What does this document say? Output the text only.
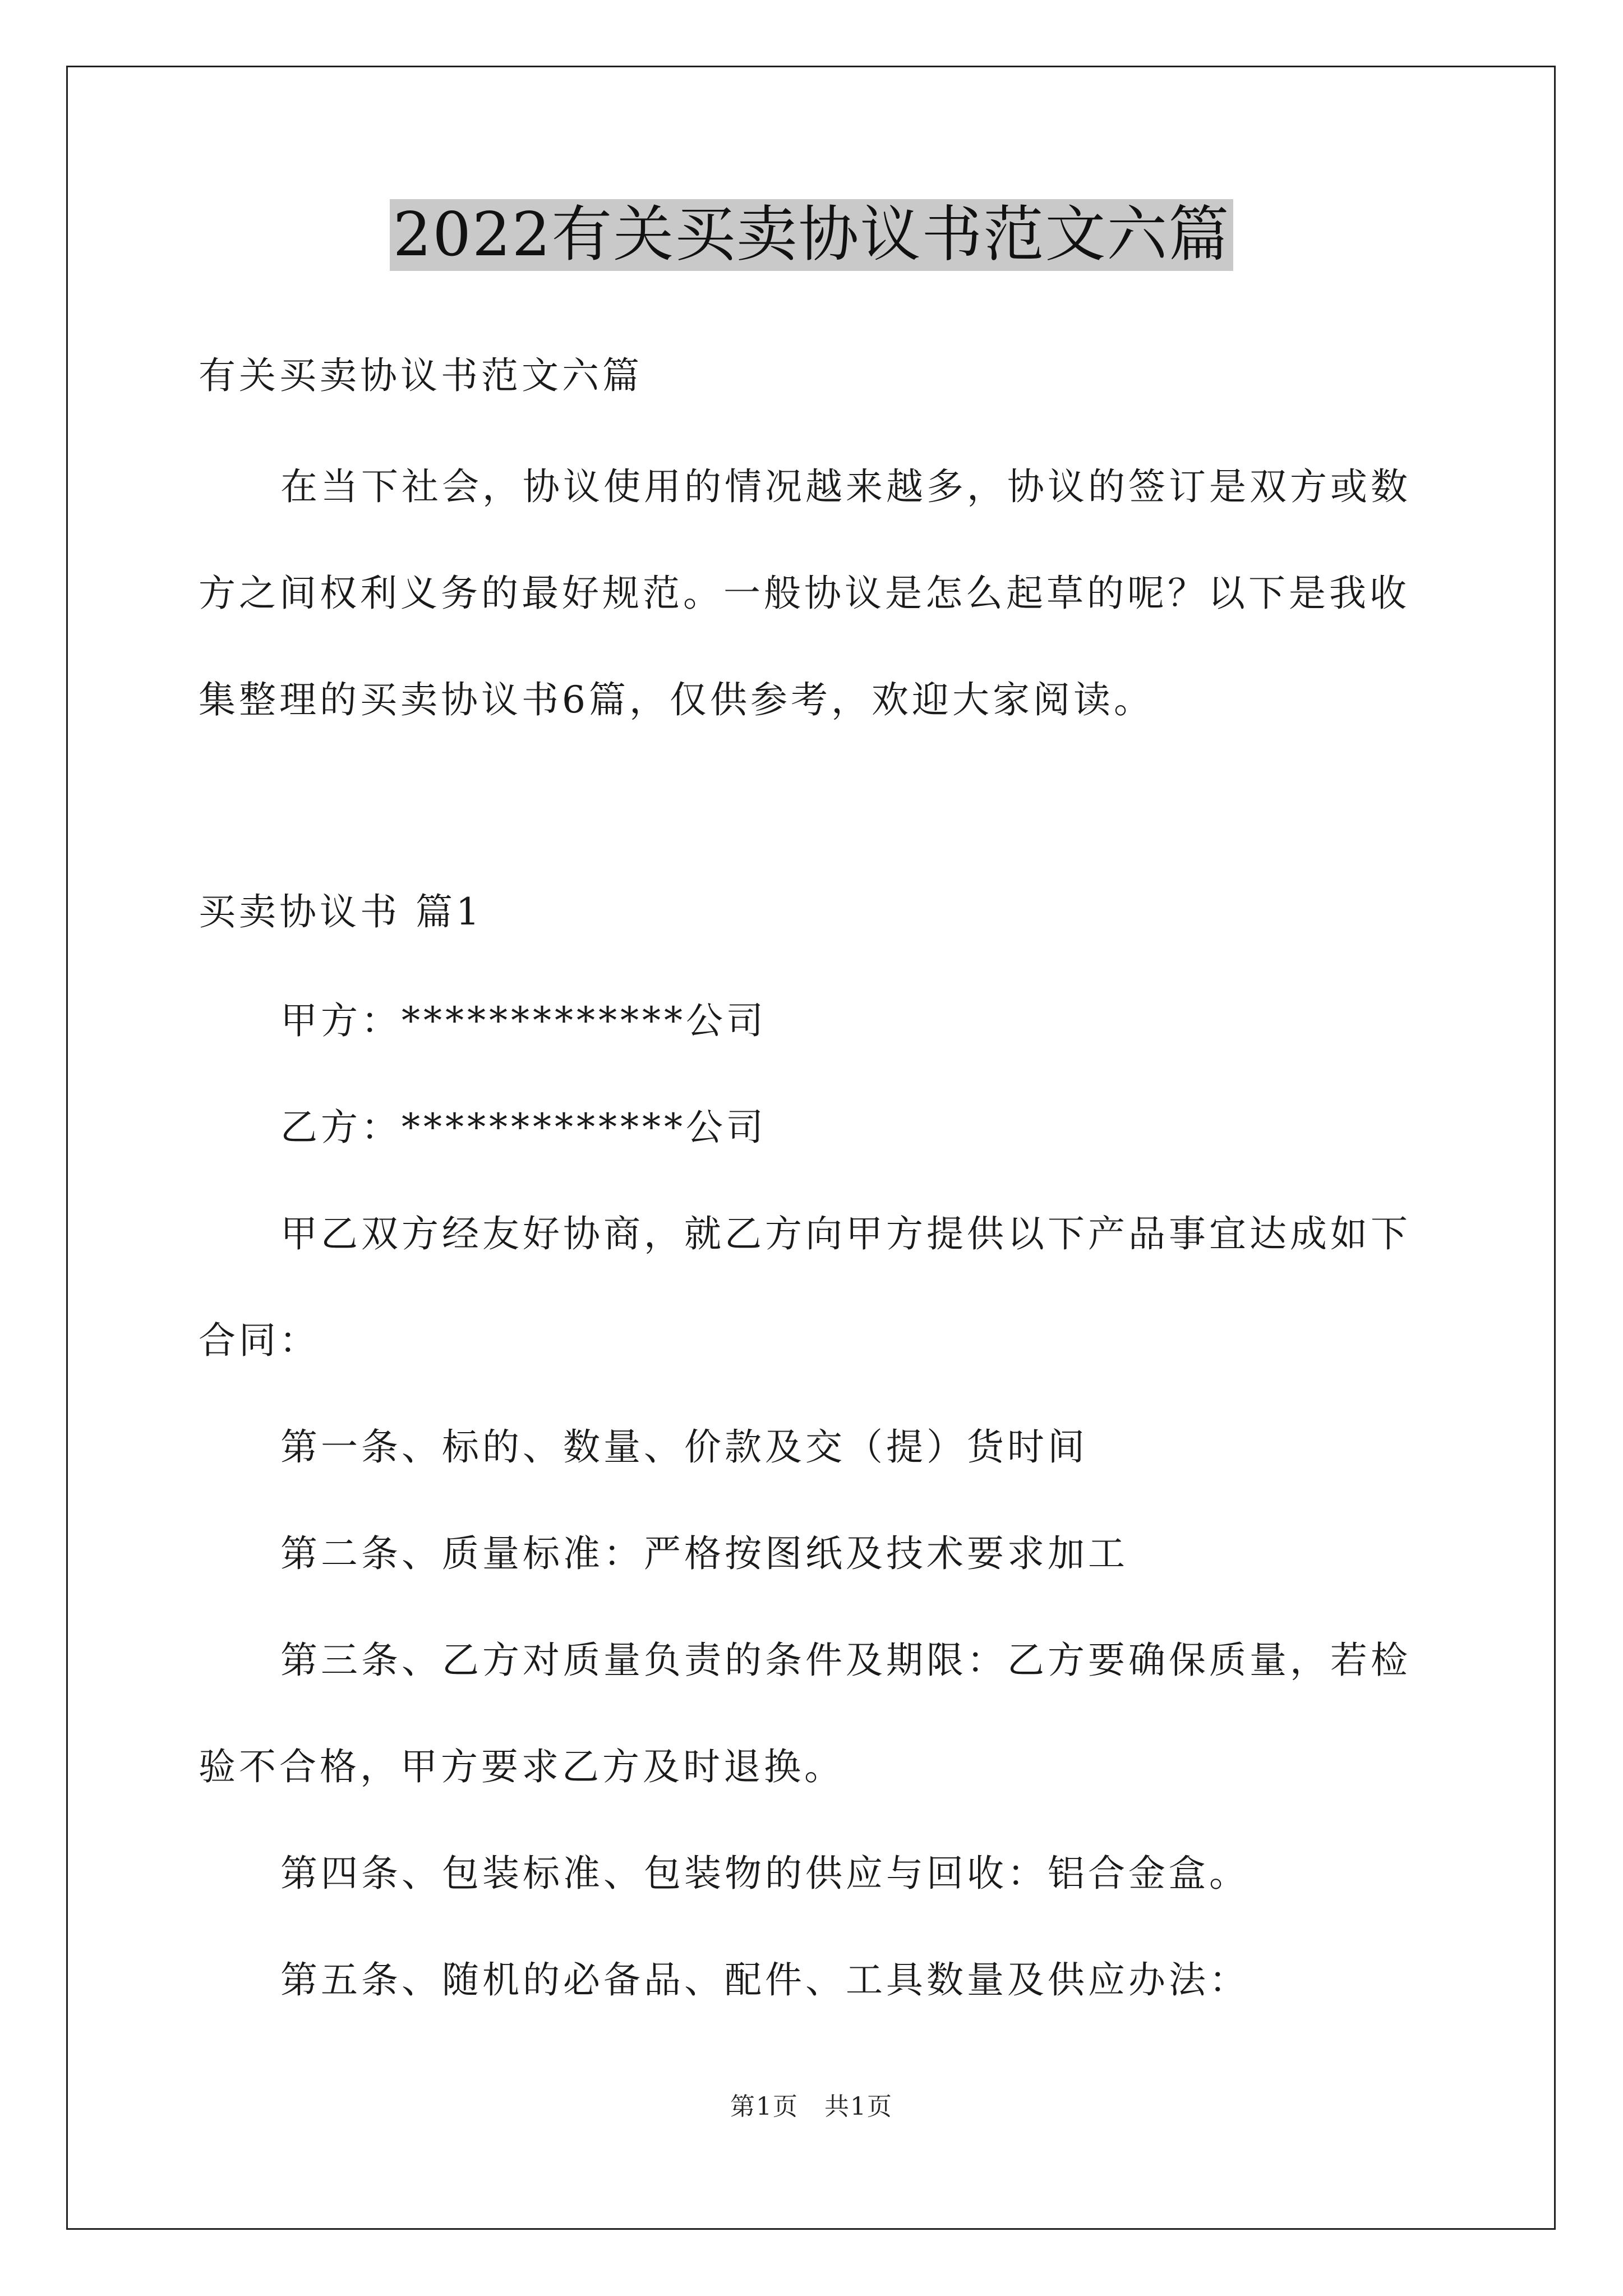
2022有关买卖协议书范文六篇
有关买卖协议书范文六篇
在当下社会，协议使用的情况越来越多，协议的签订是双方或数
方之间权利义务的最好规范。一般协议是怎么起草的呢？以下是我收
集整理的买卖协议书6篇，仅供参考，欢迎大家阅读。
买卖协议书 篇1
甲方：*************公司
乙方：*************公司
甲乙双方经友好协商，就乙方向甲方提供以下产品事宜达成如下
合同：
第一条、标的、数量、价款及交（提）货时间
第二条、质量标准：严格按图纸及技术要求加工
第三条、乙方对质量负责的条件及期限：乙方要确保质量，若检
验不合格，甲方要求乙方及时退换。
第四条、包装标准、包装物的供应与回收：铝合金盒。
第五条、随机的必备品、配件、工具数量及供应办法：
第1页　共1页
